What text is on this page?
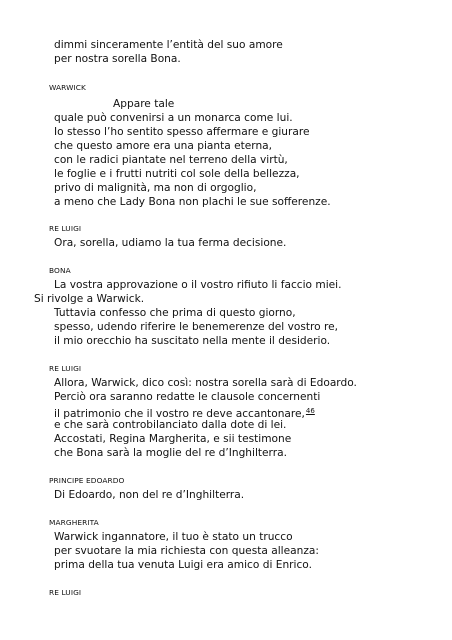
dimmi sinceramente l’entità del suo amore
per nostra sorella Bona.
WARWICK
Appare tale
quale può convenirsi a un monarca come lui.
Io stesso l’ho sentito spesso affermare e giurare
che questo amore era una pianta eterna,
con le radici piantate nel terreno della virtù,
le foglie e i frutti nutriti col sole della bellezza,
privo di malignità, ma non di orgoglio,
a meno che Lady Bona non plachi le sue sofferenze.
RE LUIGI
Ora, sorella, udiamo la tua ferma decisione.
BONA
La vostra approvazione o il vostro rifiuto li faccio miei.
Si rivolge a Warwick.
Tuttavia confesso che prima di questo giorno,
spesso, udendo riferire le benemerenze del vostro re,
il mio orecchio ha suscitato nella mente il desiderio.
RE LUIGI
Allora, Warwick, dico così: nostra sorella sarà di Edoardo.
Perciò ora saranno redatte le clausole concernenti
il patrimonio che il vostro re deve accantonare,$^{46}$
e che sarà controbilanciato dalla dote di lei.
Accostati, Regina Margherita, e sii testimone
che Bona sarà la moglie del re d’Inghilterra.
PRINCIPE EDOARDO
Di Edoardo, non del re d’Inghilterra.
MARGHERITA
Warwick ingannatore, il tuo è stato un trucco
per svuotare la mia richiesta con questa alleanza:
prima della tua venuta Luigi era amico di Enrico.
RE LUIGI
